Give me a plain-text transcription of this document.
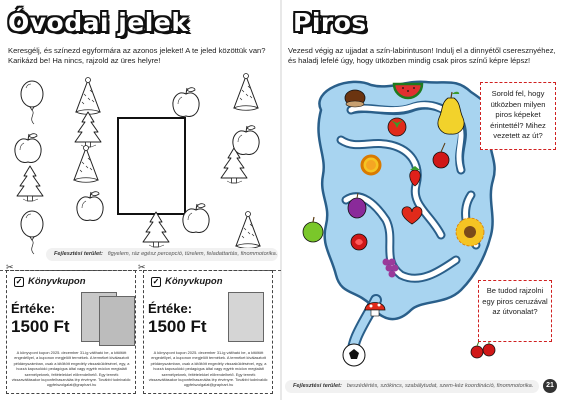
Óvodai jelek
Keresgélj, és színezd egyformára az azonos jeleket! A te jeled közöttük van? Karikázd be! Ha nincs, rajzold az üres helyre!
Fejlesztési terület: figyelem, ráz egész percepció, türelem, feladattartás, finommotorika.
✂	✂
✓ Könyvkupon
Értéke:
1500 Ft
A könyvpont kupon 2025. december 31-ig váltható be, a kitöltött engedéllyel, a kuponon megjelölt termékek. A terméket kiválasztott példányszámban, csak a kitöltött engedély visszaküldésével, egy, a hozzá kapcsolódó pedagógus által vagy egyéb módon megtalált személyeknek, feltételekkel előrendelhető. Egy termék visszaváltásakor kuponfelhasználás lép érvényre. További tudnivalók: ugyfelszolgalat@graphart.hu
✓ Könyvkupon
Értéke:
1500 Ft
A könyvpont kupon 2025. december 31-ig váltható be, a kitöltött engedéllyel, a kuponon megjelölt termékek. A terméket kiválasztott példányszámban, csak a kitöltött engedély visszaküldésével, egy, a hozzá kapcsolódó pedagógus által vagy egyéb módon megtalált személyeknek, feltételekkel előrendelhető. Egy termék visszaváltásakor kuponfelhasználás lép érvényre. További tudnivalók: ugyfelszolgalat@graphart.hu
Piros
Vezesd végig az ujjadat a szín-labirintuson! Indulj el a dinnyétől cseresznyéhez, és haladj lefelé úgy, hogy ütközben mindig csak piros színű képre lépsz!
Sorold fel, hogy ütközben milyen piros képeket érintettél? Mihez vezetett az út?
Be tudod rajzolni egy piros ceruzával az útvonalat?
Fejlesztési terület: beszédértés, szókincs, szabálytudat, szem-kéz koordináció, finommotorika.	21
